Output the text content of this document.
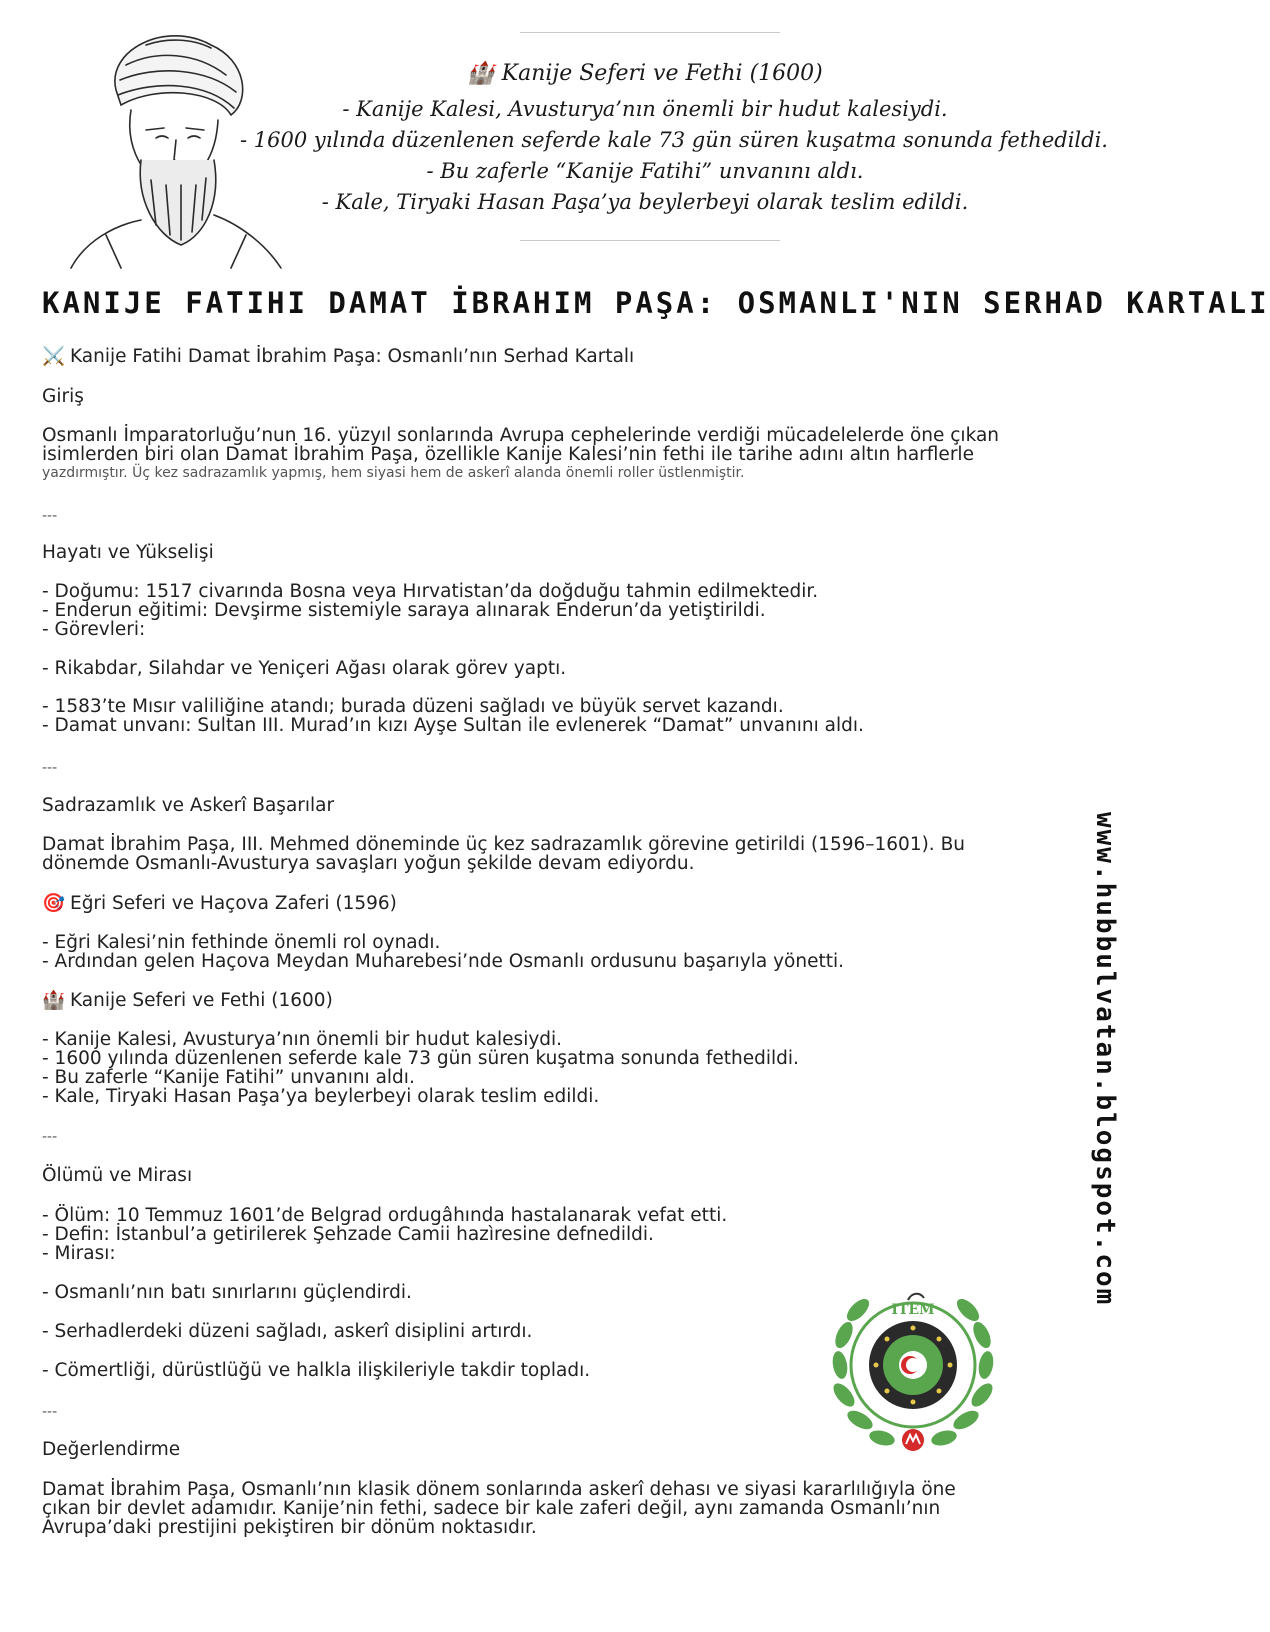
🏰 Kanije Seferi ve Fethi (1600)
- Kanije Kalesi, Avusturya’nın önemli bir hudut kalesiydi.
- 1600 yılında düzenlenen seferde kale 73 gün süren kuşatma sonunda fethedildi.
- Bu zaferle “Kanije Fatihi” unvanını aldı.
- Kale, Tiryaki Hasan Paşa’ya beylerbeyi olarak teslim edildi.
KANIJE FATIHI DAMAT İBRAHIM PAŞA: OSMANLI'NIN SERHAD KARTALI
www.hubbulvatan.blogspot.com
⚔️ Kanije Fatihi Damat İbrahim Paşa: Osmanlı’nın Serhad Kartalı
Giriş
Osmanlı İmparatorluğu’nun 16. yüzyıl sonlarında Avrupa cephelerinde verdiği mücadelelerde öne çıkan
isimlerden biri olan Damat İbrahim Paşa, özellikle Kanije Kalesi’nin fethi ile tarihe adını altın harflerle
yazdırmıştır. Üç kez sadrazamlık yapmış, hem siyasi hem de askerî alanda önemli roller üstlenmiştir.
---
Hayatı ve Yükselişi
- Doğumu: 1517 civarında Bosna veya Hırvatistan’da doğduğu tahmin edilmektedir.
- Enderun eğitimi: Devşirme sistemiyle saraya alınarak Enderun’da yetiştirildi.
- Görevleri:
- Rikabdar, Silahdar ve Yeniçeri Ağası olarak görev yaptı.
- 1583’te Mısır valiliğine atandı; burada düzeni sağladı ve büyük servet kazandı.
- Damat unvanı: Sultan III. Murad’ın kızı Ayşe Sultan ile evlenerek “Damat” unvanını aldı.
---
Sadrazamlık ve Askerî Başarılar
Damat İbrahim Paşa, III. Mehmed döneminde üç kez sadrazamlık görevine getirildi (1596–1601). Bu
dönemde Osmanlı-Avusturya savaşları yoğun şekilde devam ediyordu.
🎯 Eğri Seferi ve Haçova Zaferi (1596)
- Eğri Kalesi’nin fethinde önemli rol oynadı.
- Ardından gelen Haçova Meydan Muharebesi’nde Osmanlı ordusunu başarıyla yönetti.
🏰 Kanije Seferi ve Fethi (1600)
- Kanije Kalesi, Avusturya’nın önemli bir hudut kalesiydi.
- 1600 yılında düzenlenen seferde kale 73 gün süren kuşatma sonunda fethedildi.
- Bu zaferle “Kanije Fatihi” unvanını aldı.
- Kale, Tiryaki Hasan Paşa’ya beylerbeyi olarak teslim edildi.
---
Ölümü ve Mirası
- Ölüm: 10 Temmuz 1601’de Belgrad ordugâhında hastalanarak vefat etti.
- Defin: İstanbul’a getirilerek Şehzade Camii hazìresine defnedildi.
- Mirası:
- Osmanlı’nın batı sınırlarını güçlendirdi.
- Serhadlerdeki düzeni sağladı, askerî disiplini artırdı.
- Cömertliği, dürüstlüğü ve halkla ilişkileriyle takdir topladı.
---
Değerlendirme
Damat İbrahim Paşa, Osmanlı’nın klasik dönem sonlarında askerî dehası ve siyasi kararlılığıyla öne
çıkan bir devlet adamıdır. Kanije’nin fethi, sadece bir kale zaferi değil, aynı zamanda Osmanlı’nın
Avrupa’daki prestijini pekiştiren bir dönüm noktasıdır.
ITEM
